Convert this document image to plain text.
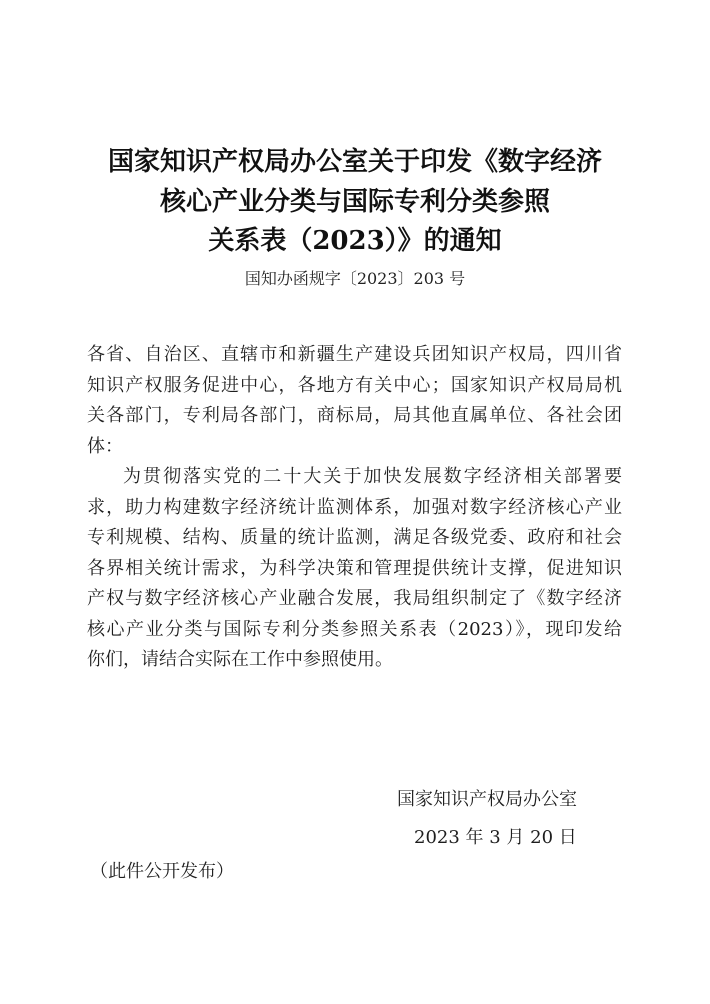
国家知识产权局办公室关于印发《数字经济
核心产业分类与国际专利分类参照
关系表（2023）》的通知
国知办函规字〔2023〕203 号
各省、自治区、直辖市和新疆生产建设兵团知识产权局，四川省
知识产权服务促进中心，各地方有关中心；国家知识产权局局机
关各部门，专利局各部门，商标局，局其他直属单位、各社会团
体：
为贯彻落实党的二十大关于加快发展数字经济相关部署要
求，助力构建数字经济统计监测体系，加强对数字经济核心产业
专利规模、结构、质量的统计监测，满足各级党委、政府和社会
各界相关统计需求，为科学决策和管理提供统计支撑，促进知识
产权与数字经济核心产业融合发展，我局组织制定了《数字经济
核心产业分类与国际专利分类参照关系表（2023）》，现印发给
你们，请结合实际在工作中参照使用。
国家知识产权局办公室
2023 年 3 月 20 日
（此件公开发布）
